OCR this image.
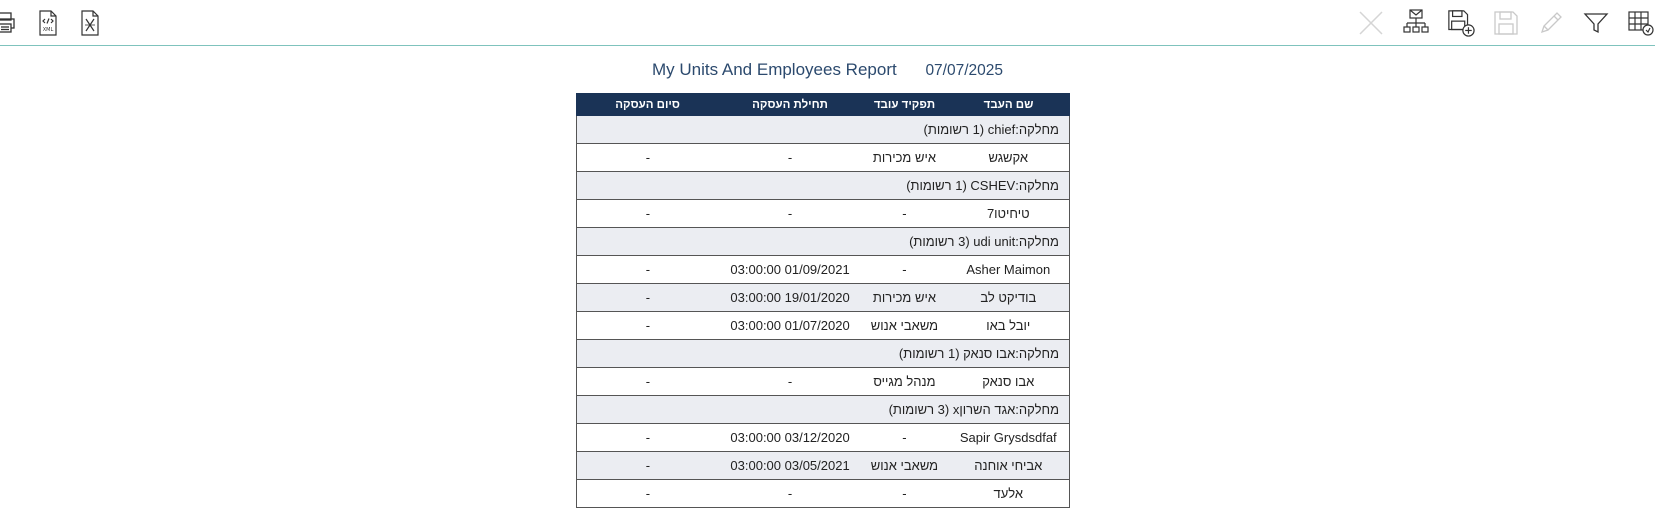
XML
My Units And Employees Report 07/07/2025
שם העבד	תפקיד עובד	תחילת העסקה	סיום העסקה
מחלקה:chief (1 רשומות)			
אקשגש	איש מכירות	-	-
מחלקה:CSHEV (1 רשומות)			
טיחיטו7	-	-	-
מחלקה:udi unit (3 רשומות)			
Asher Maimon	-	03:00:00 01/09/2021	-
בודיקט לב	איש מכירות	03:00:00 19/01/2020	-
יובל באו	משאבי אנוש	03:00:00 01/07/2020	-
מחלקה:אבו סנאק (1 רשומות)			
אבו סנאק	מנהל מגייס	-	-
מחלקה:אגד השרוןx (3 רשומות)			
Sapir Grysdsdfaf	-	03:00:00 03/12/2020	-
אביחי אוחנה	משאבי אנוש	03:00:00 03/05/2021	-
אלעד	-	-	-
